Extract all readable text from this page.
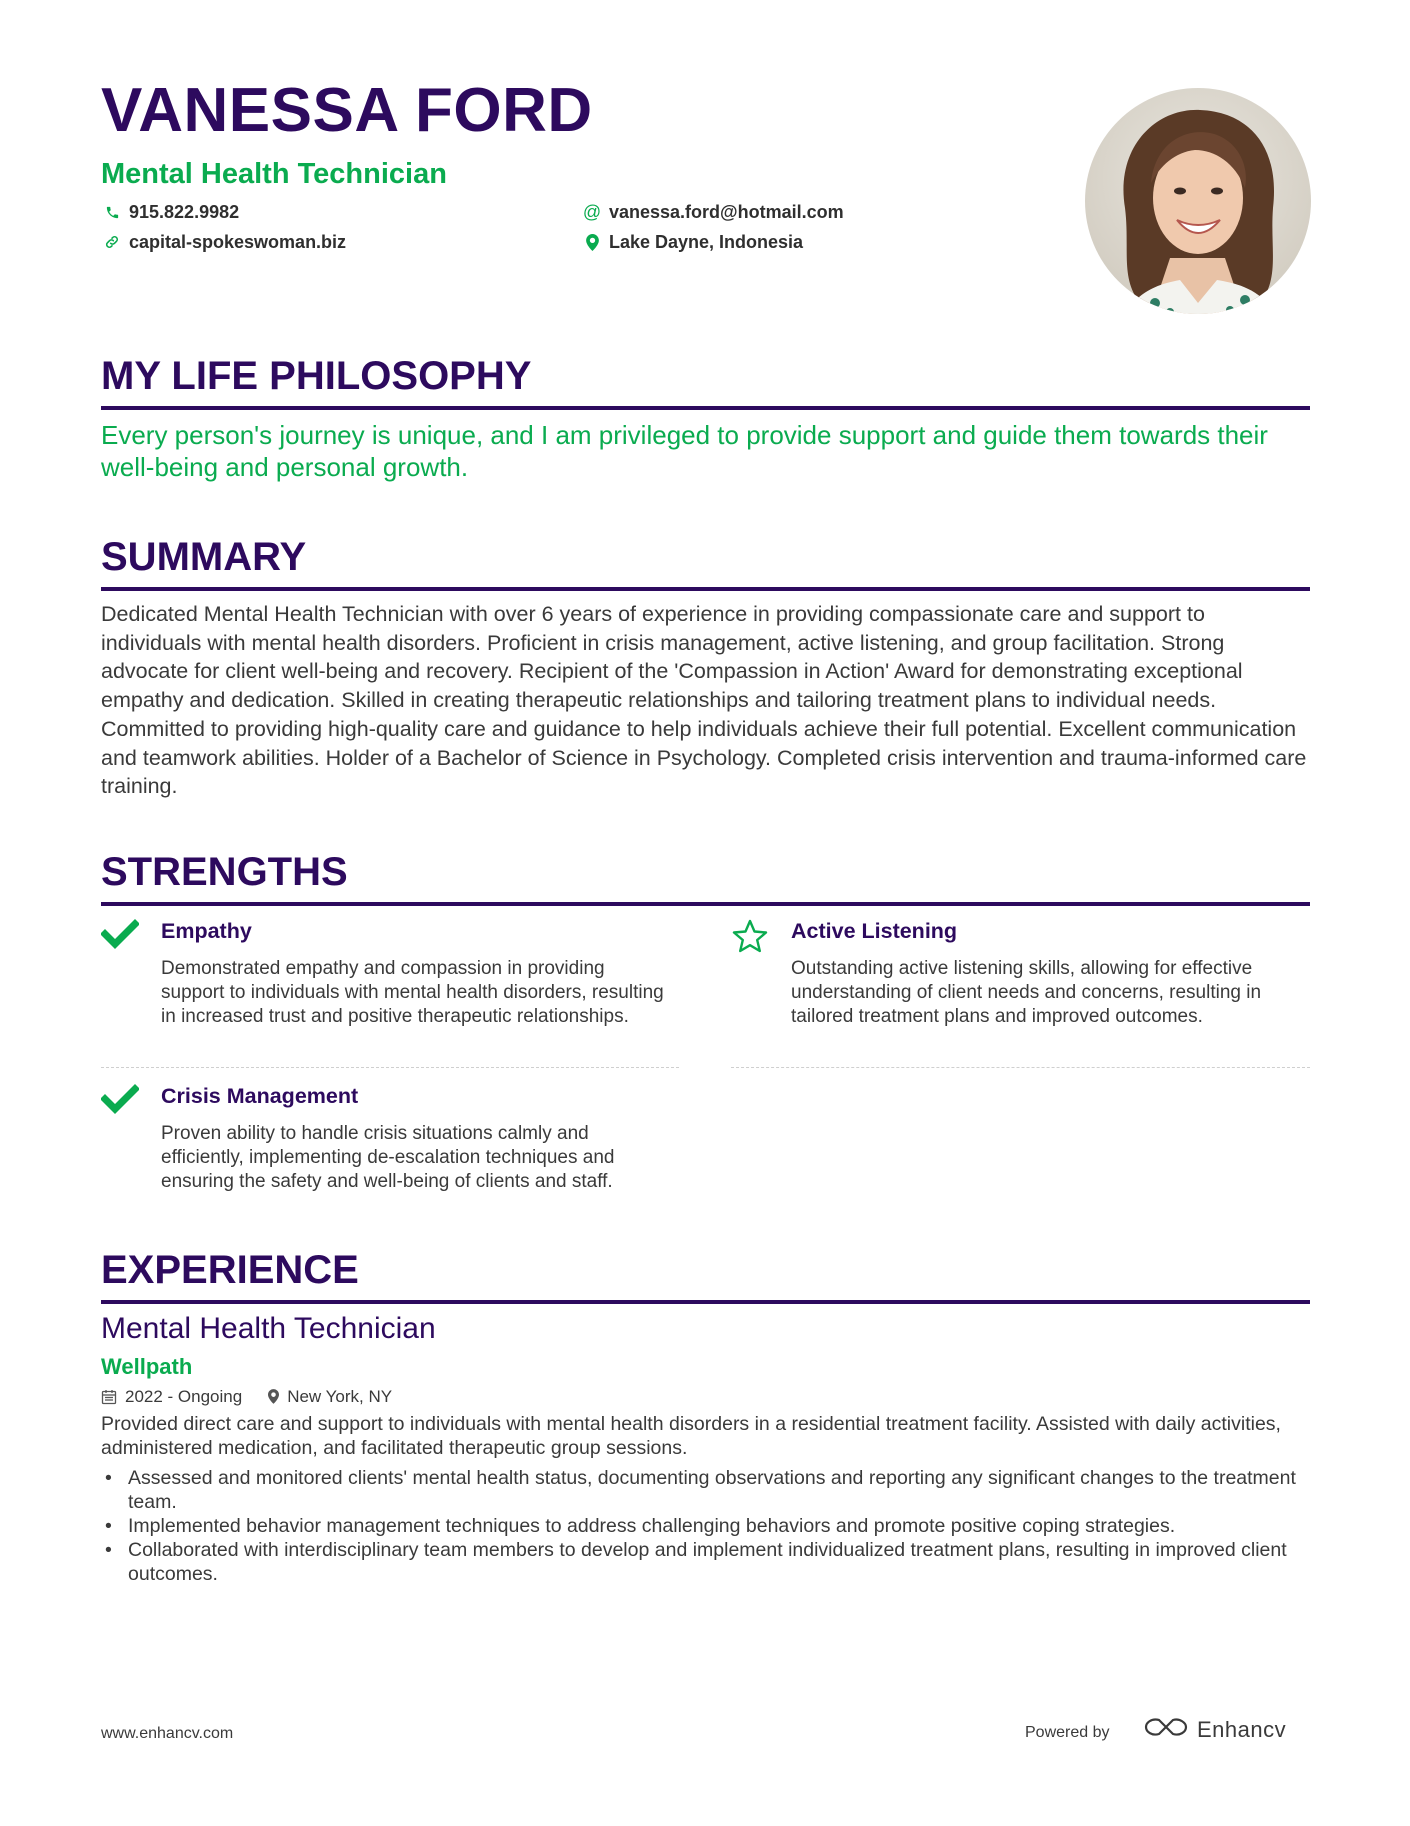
VANESSA FORD
Mental Health Technician
915.822.9982
capital-spokeswoman.biz
@ vanessa.ford@hotmail.com
Lake Dayne, Indonesia
MY LIFE PHILOSOPHY
Every person's journey is unique, and I am privileged to provide support and guide them towards their well-being and personal growth.
SUMMARY
Dedicated Mental Health Technician with over 6 years of experience in providing compassionate care and support to individuals with mental health disorders. Proficient in crisis management, active listening, and group facilitation. Strong advocate for client well-being and recovery. Recipient of the 'Compassion in Action' Award for demonstrating exceptional empathy and dedication. Skilled in creating therapeutic relationships and tailoring treatment plans to individual needs. Committed to providing high-quality care and guidance to help individuals achieve their full potential. Excellent communication and teamwork abilities. Holder of a Bachelor of Science in Psychology. Completed crisis intervention and trauma-informed care training.
STRENGTHS
Empathy
Demonstrated empathy and compassion in providing support to individuals with mental health disorders, resulting in increased trust and positive therapeutic relationships.
Active Listening
Outstanding active listening skills, allowing for effective understanding of client needs and concerns, resulting in tailored treatment plans and improved outcomes.
Crisis Management
Proven ability to handle crisis situations calmly and efficiently, implementing de-escalation techniques and ensuring the safety and well-being of clients and staff.
EXPERIENCE
Mental Health Technician
Wellpath
2022 - Ongoing	New York, NY
Provided direct care and support to individuals with mental health disorders in a residential treatment facility. Assisted with daily activities, administered medication, and facilitated therapeutic group sessions.
• Assessed and monitored clients' mental health status, documenting observations and reporting any significant changes to the treatment team.
• Implemented behavior management techniques to address challenging behaviors and promote positive coping strategies.
• Collaborated with interdisciplinary team members to develop and implement individualized treatment plans, resulting in improved client outcomes.
www.enhancv.com	Powered by	Enhancv
